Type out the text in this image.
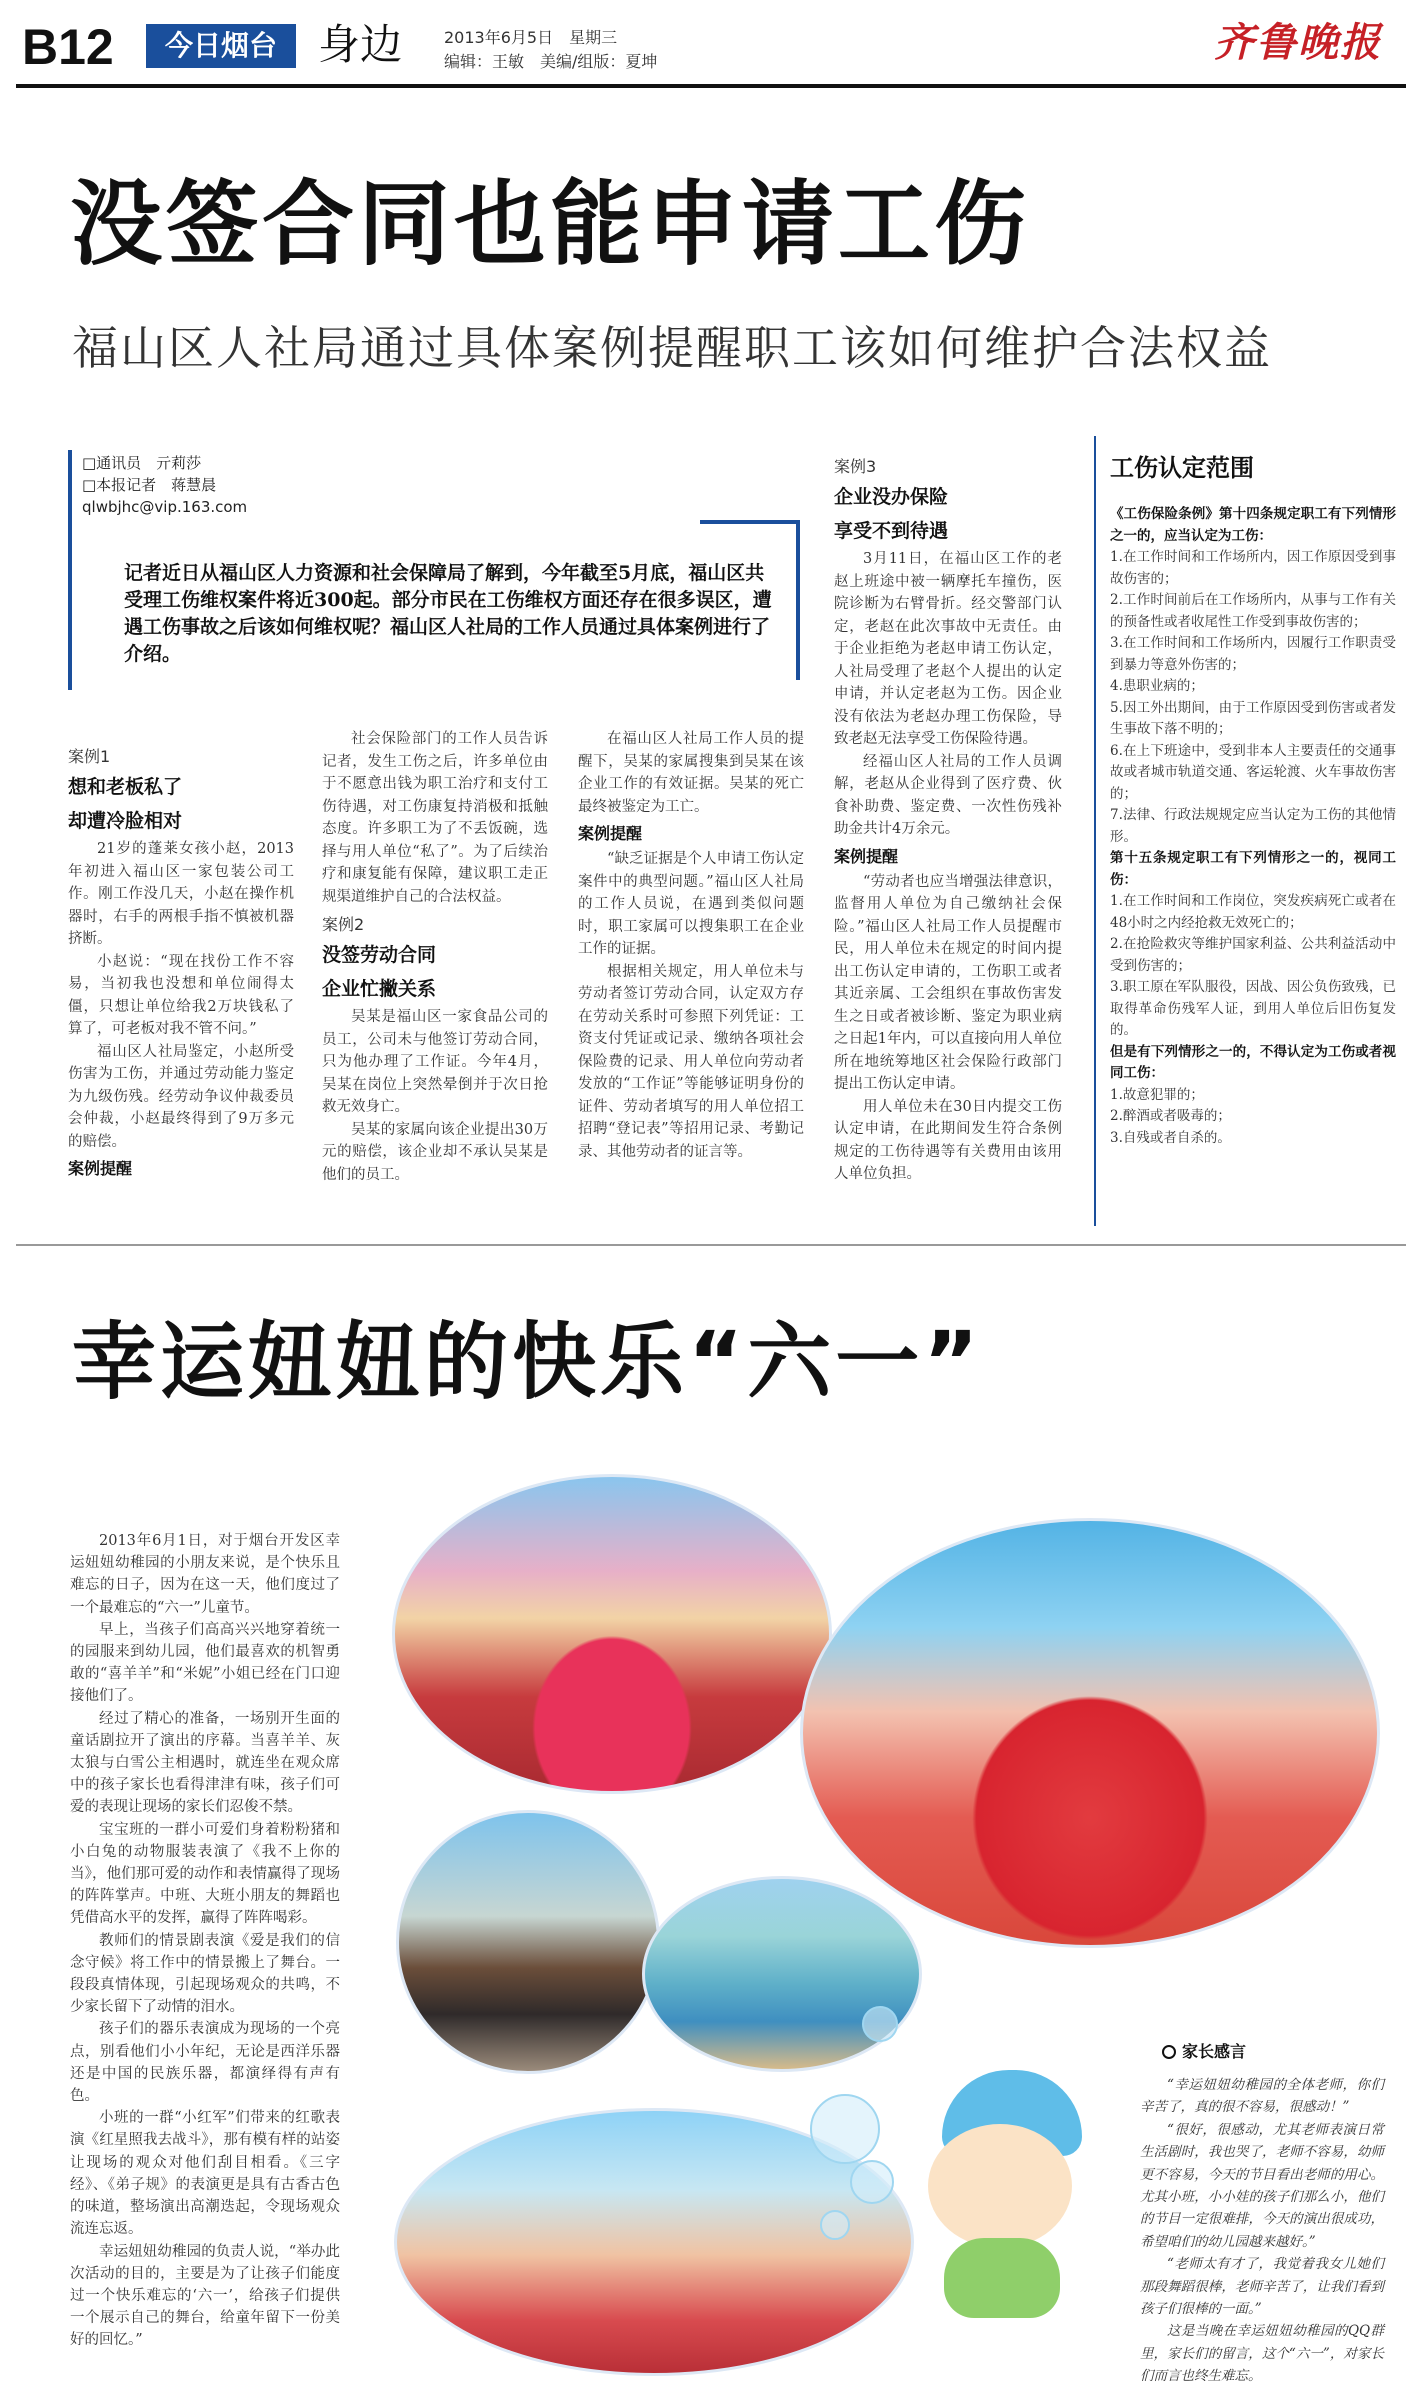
B12	今日烟台 身边	2013年6月5日　星期三
编辑：王敏　美编/组版：夏坤	齐鲁晚报
没签合同也能申请工伤
福山区人社局通过具体案例提醒职工该如何维护合法权益
□通讯员　亓莉莎
□本报记者　蒋慧晨
qlwbjhc@vip.163.com
记者近日从福山区人力资源和社会保障局了解到，今年截至5月底，福山区共受理工伤维权案件将近300起。部分市民在工伤维权方面还存在很多误区，遭遇工伤事故之后该如何维权呢？福山区人社局的工作人员通过具体案例进行了介绍。
案例1
想和老板私了
却遭冷脸相对

21岁的蓬莱女孩小赵，2013年初进入福山区一家包装公司工作。刚工作没几天，小赵在操作机器时，右手的两根手指不慎被机器挤断。

小赵说：“现在找份工作不容易，当初我也没想和单位闹得太僵，只想让单位给我2万块钱私了算了，可老板对我不管不问。”

福山区人社局鉴定，小赵所受伤害为工伤，并通过劳动能力鉴定为九级伤残。经劳动争议仲裁委员会仲裁，小赵最终得到了9万多元的赔偿。

案例提醒

社会保险部门的工作人员告诉记者，发生工伤之后，许多单位由于不愿意出钱为职工治疗和支付工伤待遇，对工伤康复持消极和抵触态度。许多职工为了不丢饭碗，选择与用人单位“私了”。为了后续治疗和康复能有保障，建议职工走正规渠道维护自己的合法权益。

案例2
没签劳动合同
企业忙撇关系

吴某是福山区一家食品公司的员工，公司未与他签订劳动合同，只为他办理了工作证。今年4月，吴某在岗位上突然晕倒并于次日抢救无效身亡。

吴某的家属向该企业提出30万元的赔偿，该企业却不承认吴某是他们的员工。

在福山区人社局工作人员的提醒下，吴某的家属搜集到吴某在该企业工作的有效证据。吴某的死亡最终被鉴定为工亡。

案例提醒

“缺乏证据是个人申请工伤认定案件中的典型问题。”福山区人社局的工作人员说，在遇到类似问题时，职工家属可以搜集职工在企业工作的证据。

根据相关规定，用人单位未与劳动者签订劳动合同，认定双方存在劳动关系时可参照下列凭证：工资支付凭证或记录、缴纳各项社会保险费的记录、用人单位向劳动者发放的“工作证”等能够证明身份的证件、劳动者填写的用人单位招工招聘“登记表”等招用记录、考勤记录、其他劳动者的证言等。

案例3
企业没办保险
享受不到待遇

3月11日，在福山区工作的老赵上班途中被一辆摩托车撞伤，医院诊断为右臂骨折。经交警部门认定，老赵在此次事故中无责任。由于企业拒绝为老赵申请工伤认定，人社局受理了老赵个人提出的认定申请，并认定老赵为工伤。因企业没有依法为老赵办理工伤保险，导致老赵无法享受工伤保险待遇。

经福山区人社局的工作人员调解，老赵从企业得到了医疗费、伙食补助费、鉴定费、一次性伤残补助金共计4万余元。

案例提醒

“劳动者也应当增强法律意识，监督用人单位为自己缴纳社会保险。”福山区人社局工作人员提醒市民，用人单位未在规定的时间内提出工伤认定申请的，工伤职工或者其近亲属、工会组织在事故伤害发生之日或者被诊断、鉴定为职业病之日起1年内，可以直接向用人单位所在地统筹地区社会保险行政部门提出工伤认定申请。

用人单位未在30日内提交工伤认定申请，在此期间发生符合条例规定的工伤待遇等有关费用由该用人单位负担。

工伤认定范围

《工伤保险条例》第十四条规定职工有下列情形之一的，应当认定为工伤：

1.在工作时间和工作场所内，因工作原因受到事故伤害的；

2.工作时间前后在工作场所内，从事与工作有关的预备性或者收尾性工作受到事故伤害的；

3.在工作时间和工作场所内，因履行工作职责受到暴力等意外伤害的；

4.患职业病的；

5.因工外出期间，由于工作原因受到伤害或者发生事故下落不明的；

6.在上下班途中，受到非本人主要责任的交通事故或者城市轨道交通、客运轮渡、火车事故伤害的；

7.法律、行政法规规定应当认定为工伤的其他情形。

第十五条规定职工有下列情形之一的，视同工伤：

1.在工作时间和工作岗位，突发疾病死亡或者在48小时之内经抢救无效死亡的；

2.在抢险救灾等维护国家利益、公共利益活动中受到伤害的；

3.职工原在军队服役，因战、因公负伤致残，已取得革命伤残军人证，到用人单位后旧伤复发的。

但是有下列情形之一的，不得认定为工伤或者视同工伤：

1.故意犯罪的；

2.醉酒或者吸毒的；

3.自残或者自杀的。

幸运妞妞的快乐“六一”

2013年6月1日，对于烟台开发区幸运妞妞幼稚园的小朋友来说，是个快乐且难忘的日子，因为在这一天，他们度过了一个最难忘的“六一”儿童节。

早上，当孩子们高高兴兴地穿着统一的园服来到幼儿园，他们最喜欢的机智勇敢的“喜羊羊”和“米妮”小姐已经在门口迎接他们了。

经过了精心的准备，一场别开生面的童话剧拉开了演出的序幕。当喜羊羊、灰太狼与白雪公主相遇时，就连坐在观众席中的孩子家长也看得津津有味，孩子们可爱的表现让现场的家长们忍俊不禁。

宝宝班的一群小可爱们身着粉粉猪和小白兔的动物服装表演了《我不上你的当》，他们那可爱的动作和表情赢得了现场的阵阵掌声。中班、大班小朋友的舞蹈也凭借高水平的发挥，赢得了阵阵喝彩。

教师们的情景剧表演《爱是我们的信念守候》将工作中的情景搬上了舞台。一段段真情体现，引起现场观众的共鸣，不少家长留下了动情的泪水。

孩子们的器乐表演成为现场的一个亮点，别看他们小小年纪，无论是西洋乐器还是中国的民族乐器，都演绎得有声有色。

小班的一群“小红军”们带来的红歌表演《红星照我去战斗》，那有模有样的站姿让现场的观众对他们刮目相看。《三字经》、《弟子规》的表演更是具有古香古色的味道，整场演出高潮迭起，令现场观众流连忘返。

幸运妞妞幼稚园的负责人说，“举办此次活动的目的，主要是为了让孩子们能度过一个快乐难忘的‘六一’，给孩子们提供一个展示自己的舞台，给童年留下一份美好的回忆。”

家长感言

“幸运妞妞幼稚园的全体老师，你们辛苦了，真的很不容易，很感动！”

“很好，很感动，尤其老师表演日常生活剧时，我也哭了，老师不容易，幼师更不容易，今天的节目看出老师的用心。尤其小班，小小娃的孩子们那么小，他们的节目一定很难排，今天的演出很成功，希望咱们的幼儿园越来越好。”

“老师太有才了，我觉着我女儿她们那段舞蹈很棒，老师辛苦了，让我们看到孩子们很棒的一面。”

这是当晚在幸运妞妞幼稚园的QQ群里，家长们的留言，这个“六一”，对家长们而言也终生难忘。
